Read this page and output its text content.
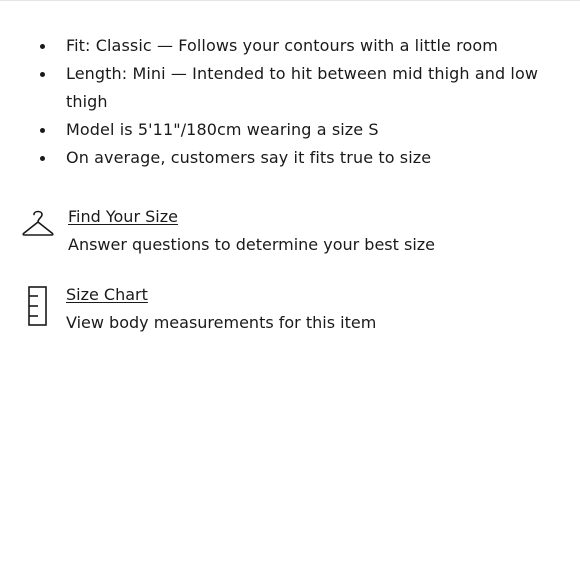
Fit: Classic — Follows your contours with a little room
Length: Mini — Intended to hit between mid thigh and low thigh
Model is 5'11"/180cm wearing a size S
On average, customers say it fits true to size
Find Your Size
Answer questions to determine your best size
Size Chart
View body measurements for this item
